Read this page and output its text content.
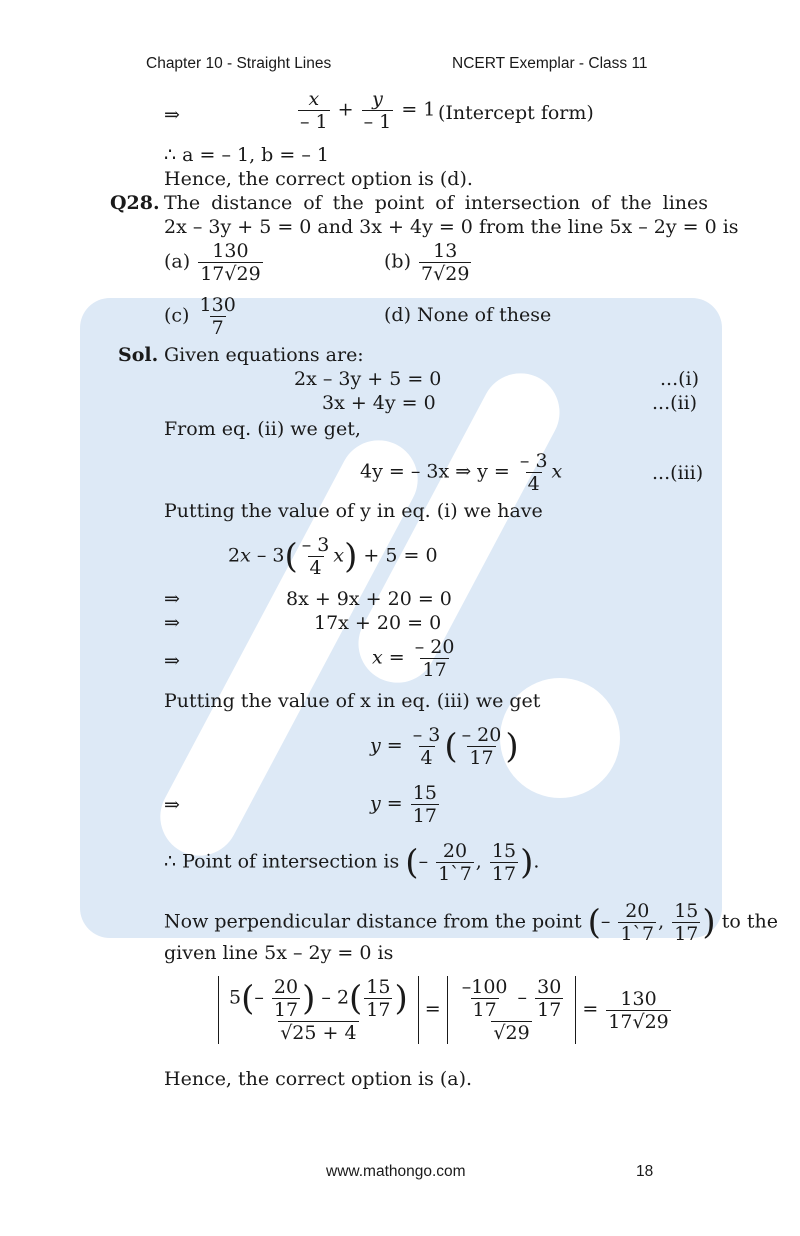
Chapter 10 - Straight Lines	NCERT Exemplar - Class 11
⇒	$\frac{x}{- 1} + \frac{y}{- 1} = 1$ (Intercept form)
∴ a = – 1, b = – 1
Hence, the correct option is (d).
Q28. The distance of the point of intersection of the lines
2x – 3y + 5 = 0 and 3x + 4y = 0 from the line 5x – 2y = 0 is
$(a) \frac{130}{17√29}$	$(b) \frac{13}{7√29}$
$(c) \frac{130}{7}$	(d) None of these
Sol. Given equations are:
2x – 3y + 5 = 0	...(i)
3x + 4y = 0	...(ii)
From eq. (ii) we get,
4y = – 3x ⇒ $y = \frac{- 3}{4}$ x	...(iii)
Putting the value of y in eq. (i) we have
$2x - 3( \frac{- 3}{4} x) + 5 = 0$
⇒	8x + 9x + 20 = 0
⇒	17x + 20 = 0
⇒	$x = \frac{- 20}{17}$
Putting the value of x in eq. (iii) we get
$y = \frac{- 3}{4}$ ( $\frac{- 20}{17}$ )
⇒	$y = \frac{15}{17}$
∴ Point of intersection is (– $\frac{20}{1`7}$ , $\frac{15}{17}$ ).
Now perpendicular distance from the point (– $\frac{20}{1`7}$ , $\frac{15}{17}$ ) to the
given line 5x – 2y = 0 is
$\frac{5(- \frac{20}{17} ) - 2( \frac{15}{17} )}{√25 + 4} = \frac{\frac{-100}{17} - \frac{30}{17}}{√29} = \frac{130}{17√29}$
Hence, the correct option is (a).
www.mathongo.com	18
